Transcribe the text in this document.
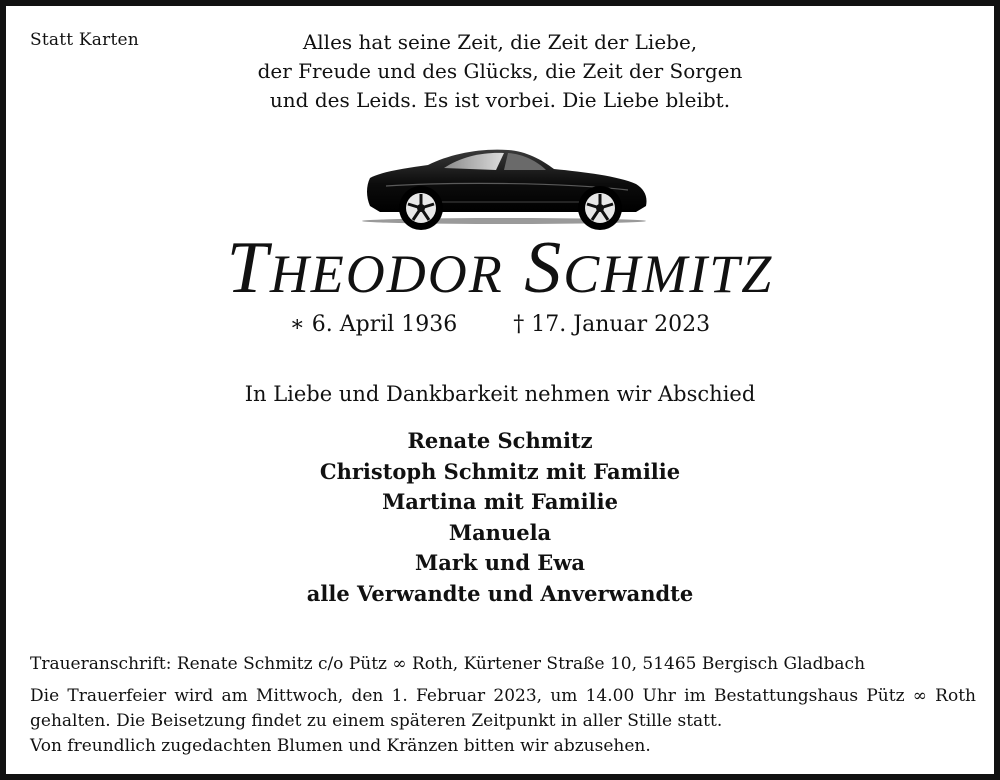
Statt Karten	Alles hat seine Zeit, die Zeit der Liebe,
der Freude und des Glücks, die Zeit der Sorgen
und des Leids. Es ist vorbei. Die Liebe bleibt.
THEODOR SCHMITZ
∗ 6. April 1936	† 17. Januar 2023
In Liebe und Dankbarkeit nehmen wir Abschied
Renate Schmitz
Christoph Schmitz mit Familie
Martina mit Familie
Manuela
Mark und Ewa
alle Verwandte und Anverwandte
Traueranschrift: Renate Schmitz c/o Pütz ∞ Roth, Kürtener Straße 10, 51465 Bergisch Gladbach
Die Trauerfeier wird am Mittwoch, den 1. Februar 2023, um 14.00 Uhr im Bestattungshaus Pütz ∞ Roth
gehalten. Die Beisetzung findet zu einem späteren Zeitpunkt in aller Stille statt.
Von freundlich zugedachten Blumen und Kränzen bitten wir abzusehen.
